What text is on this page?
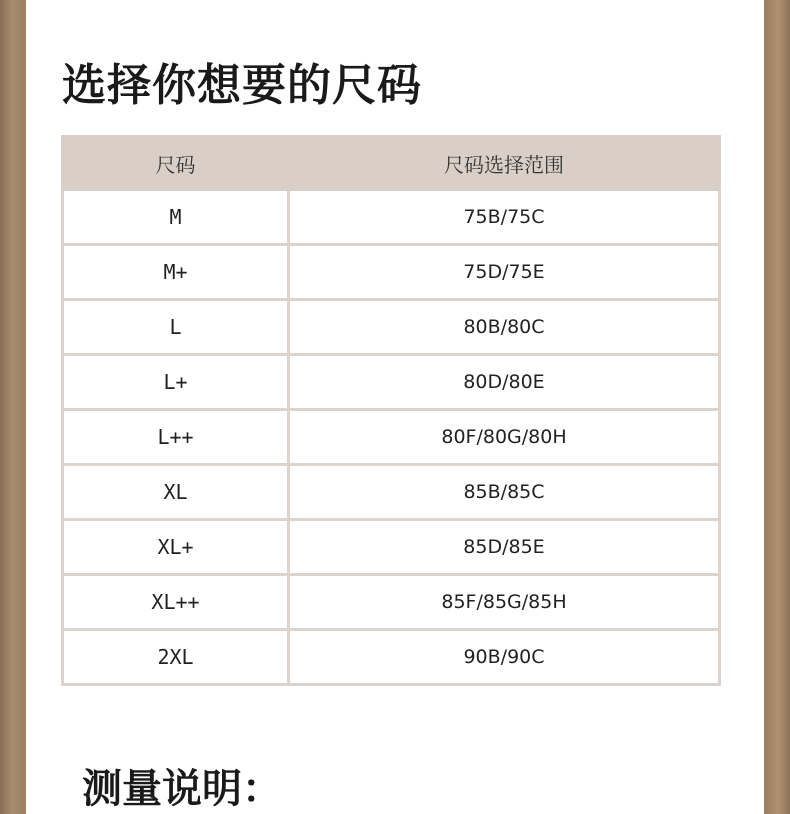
选择你想要的尺码
尺码	尺码选择范围
M	75B/75C
M+	75D/75E
L	80B/80C
L+	80D/80E
L++	80F/80G/80H
XL	85B/85C
XL+	85D/85E
XL++	85F/85G/85H
2XL	90B/90C
测量说明：
